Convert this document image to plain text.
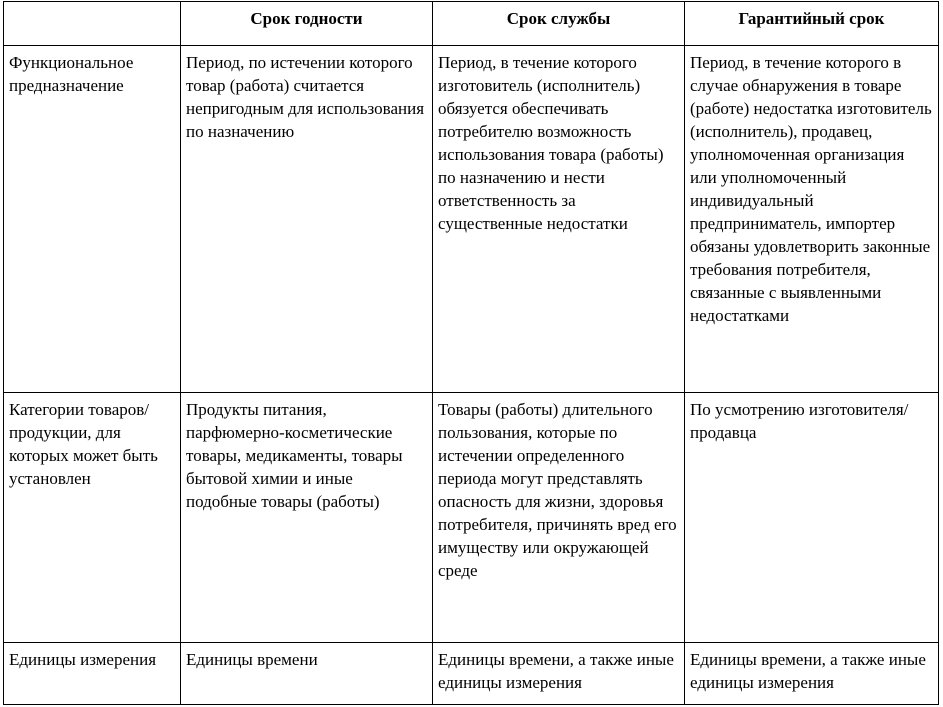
	Срок годности	Срок службы	Гарантийный срок
Функциональное предназначение	Период, по истечении которого товар (работа) считается непригодным для использования по назначению	Период, в течение которого изготовитель (исполнитель) обязуется обеспечивать потребителю возможность использования товара (работы) по назначению и нести ответственность за существенные недостатки	Период, в течение которого в случае обнаружения в товаре (работе) недостатка изготовитель (исполнитель), продавец, уполномоченная организация или уполномоченный индивидуальный предприниматель, импортер обязаны удовлетворить законные требования потребителя, связанные с выявленными недостатками
Категории товаров/ продукции, для которых может быть установлен	Продукты питания, парфюмерно-косметические товары, медикаменты, товары бытовой химии и иные подобные товары (работы)	Товары (работы) длительного пользования, которые по истечении определенного периода могут представлять опасность для жизни, здоровья потребителя, причинять вред его имуществу или окружающей среде	По усмотрению изготовителя/продавца
Единицы измерения	Единицы времени	Единицы времени, а также иные единицы измерения	Единицы времени, а также иные единицы измерения
